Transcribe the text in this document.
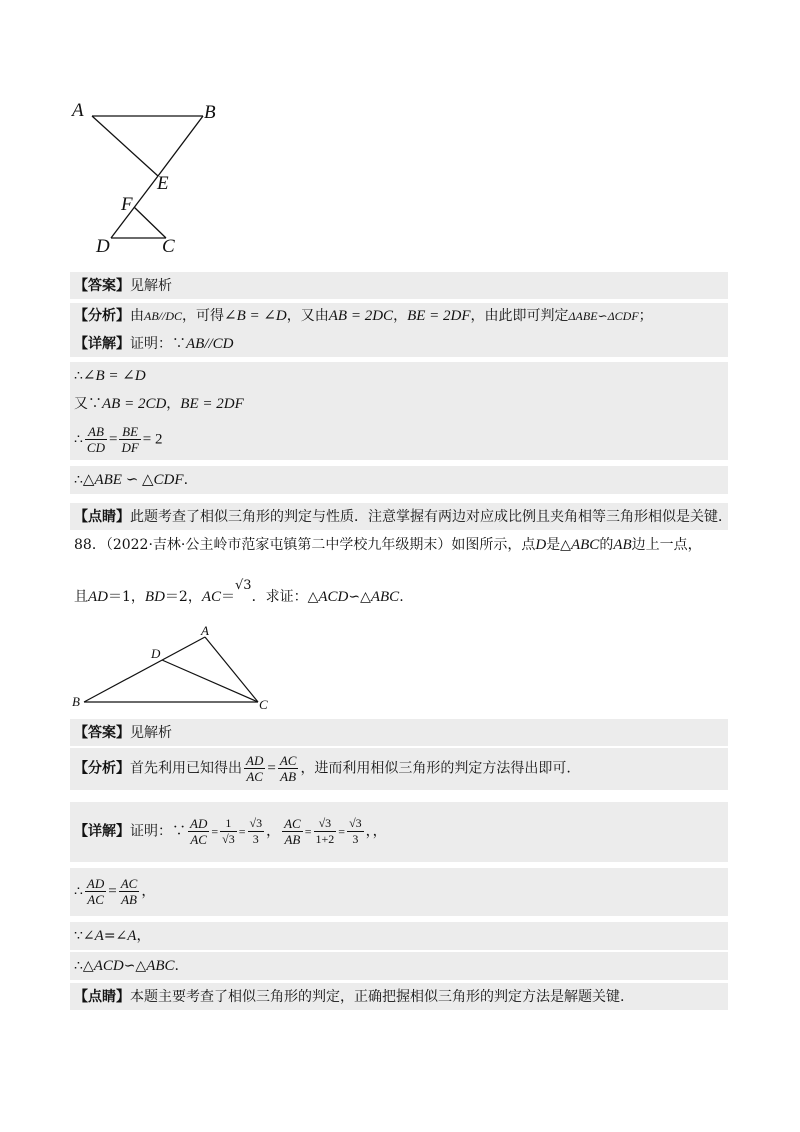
A	B
E
F
D	C
A
D
B	C
【答案】见解析
【分析】由AB//DC，可得∠B = ∠D，又由AB = 2DC，BE = 2DF，由此即可判定ΔABE∽ΔCDF；
【详解】证明：∵AB//CD
∴∠B = ∠D
又∵AB = 2CD，BE = 2DF
∴ $\frac{AB}{CD} = \frac{BE}{DF} = 2$
∴△ABE ∽ △CDF.
【点睛】此题考查了相似三角形的判定与性质．注意掌握有两边对应成比例且夹角相等三角形相似是关键．
88．（2022·吉林·公主岭市范家屯镇第二中学校九年级期末）如图所示，点D是△ABC的AB边上一点，
且AD＝1，BD＝2，AC＝√3．求证：△ACD∽△ABC.
【答案】见解析
【分析】首先利用已知得出 $\frac{AD}{AC} = \frac{AC}{AB}$ ，进而利用相似三角形的判定方法得出即可.
【详解】证明：∵ $\frac{AD}{AC} = \frac{1}{√3} = \frac{√3}{3}$ ， $\frac{AC}{AB} = \frac{√3}{1+2} = \frac{√3}{3}$ ，，
∴ $\frac{AD}{AC} = \frac{AC}{AB}$ ，
∵∠A=∠A，
∴△ACD∽△ABC.
【点睛】本题主要考查了相似三角形的判定，正确把握相似三角形的判定方法是解题关键.
